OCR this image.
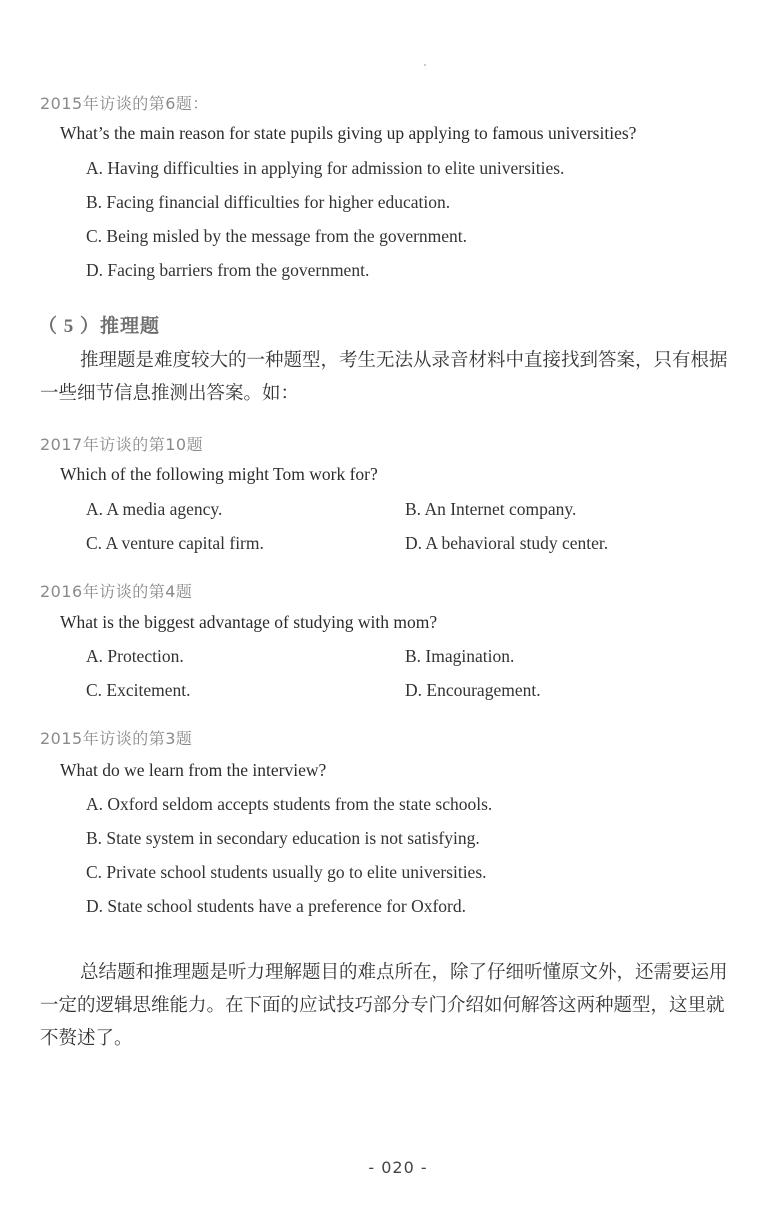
2015年访谈的第6题：
What’s the main reason for state pupils giving up applying to famous universities?
A. Having difficulties in applying for admission to elite universities.
B. Facing financial difficulties for higher education.
C. Being misled by the message from the government.
D. Facing barriers from the government.
（ 5 ）推理题
推理题是难度较大的一种题型，考生无法从录音材料中直接找到答案，只有根据一些细节信息推测出答案。如：
2017年访谈的第10题
Which of the following might Tom work for?
A. A media agency.	B. An Internet company.
C. A venture capital firm.	D. A behavioral study center.
2016年访谈的第4题
What is the biggest advantage of studying with mom?
A. Protection.	B. Imagination.
C. Excitement.	D. Encouragement.
2015年访谈的第3题
What do we learn from the interview?
A. Oxford seldom accepts students from the state schools.
B. State system in secondary education is not satisfying.
C. Private school students usually go to elite universities.
D. State school students have a preference for Oxford.
总结题和推理题是听力理解题目的难点所在，除了仔细听懂原文外，还需要运用一定的逻辑思维能力。在下面的应试技巧部分专门介绍如何解答这两种题型，这里就不赘述了。
- 020 -
